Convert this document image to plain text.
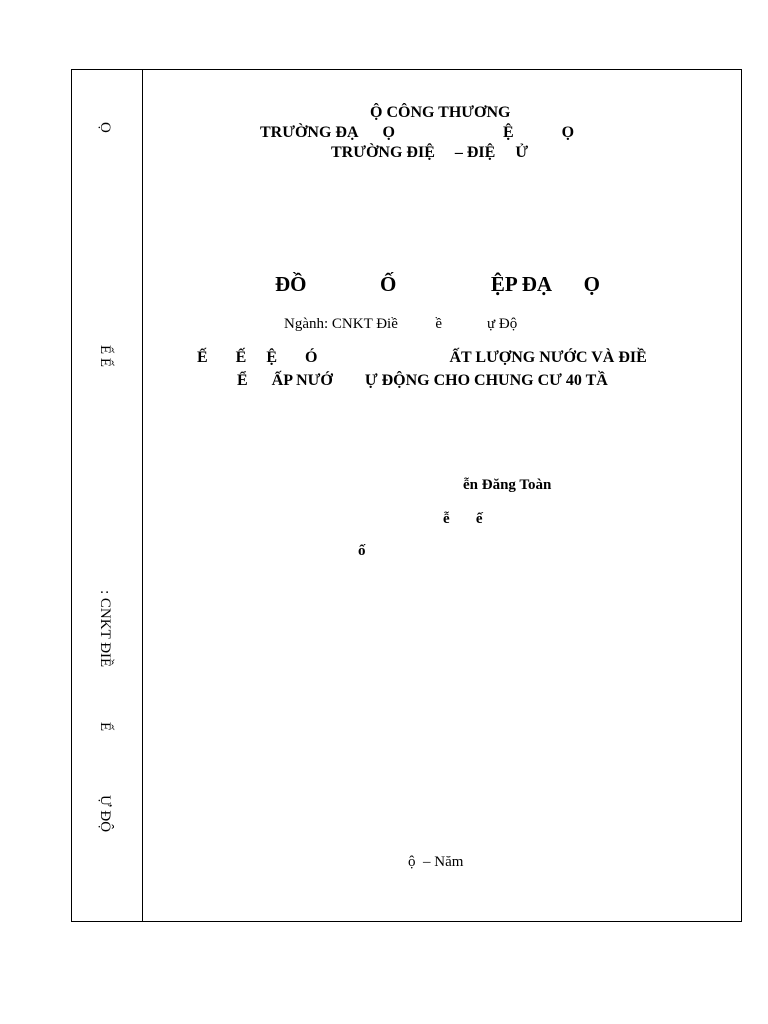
Ọ
Ế Ế
: CNKT ĐIỀ
Ế
Ự ĐỘ
Ộ CÔNG THƯƠNG
TRƯỜNG ĐẠ      Ọ                           Ệ            Ọ
TRƯỜNG ĐIỆ     – ĐIỆ     Ử
ĐỒ              Ố                  ỆP ĐẠ      Ọ
Ngành: CNKT Điề          ề            ự Độ
Ế       Ế     Ệ       Ó                                 ẤT LƯỢNG NƯỚC VÀ ĐIỀ
Ể      ẤP NƯỚ        Ự ĐỘNG CHO CHUNG CƯ 40 TẦ
ễn Đăng Toàn
ễ       ế
ố
ộ  – Năm
